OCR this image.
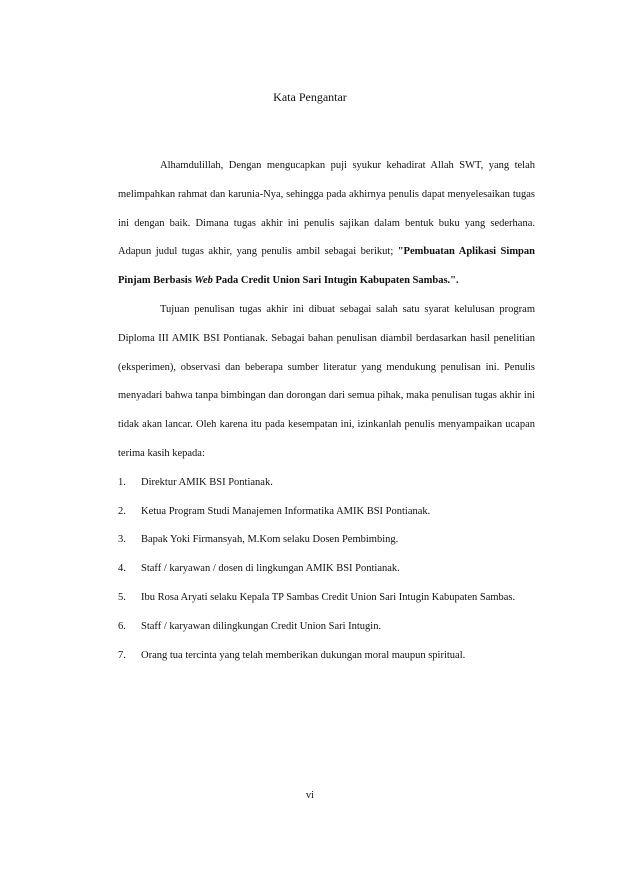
Kata Pengantar

Alhamdulillah, Dengan mengucapkan puji syukur kehadirat Allah SWT, yang telah melimpahkan rahmat dan karunia-Nya, sehingga pada akhirnya penulis dapat menyelesaikan tugas ini dengan baik. Dimana tugas akhir ini penulis sajikan dalam bentuk buku yang sederhana. Adapun judul tugas akhir, yang penulis ambil sebagai berikut; "Pembuatan Aplikasi Simpan Pinjam Berbasis Web Pada Credit Union Sari Intugin Kabupaten Sambas.".

Tujuan penulisan tugas akhir ini dibuat sebagai salah satu syarat kelulusan program Diploma III AMIK BSI Pontianak. Sebagai bahan penulisan diambil berdasarkan hasil penelitian (eksperimen), observasi dan beberapa sumber literatur yang mendukung penulisan ini. Penulis menyadari bahwa tanpa bimbingan dan dorongan dari semua pihak, maka penulisan tugas akhir ini tidak akan lancar. Oleh karena itu pada kesempatan ini, izinkanlah penulis menyampaikan ucapan terima kasih kepada:

1. Direktur AMIK BSI Pontianak.
2. Ketua Program Studi Manajemen Informatika AMIK BSI Pontianak.
3. Bapak Yoki Firmansyah, M.Kom selaku Dosen Pembimbing.
4. Staff / karyawan / dosen di lingkungan AMIK BSI Pontianak.
5. Ibu Rosa Aryati selaku Kepala TP Sambas Credit Union Sari Intugin Kabupaten Sambas.
6. Staff / karyawan dilingkungan Credit Union Sari Intugin.
7. Orang tua tercinta yang telah memberikan dukungan moral maupun spiritual.
vi
